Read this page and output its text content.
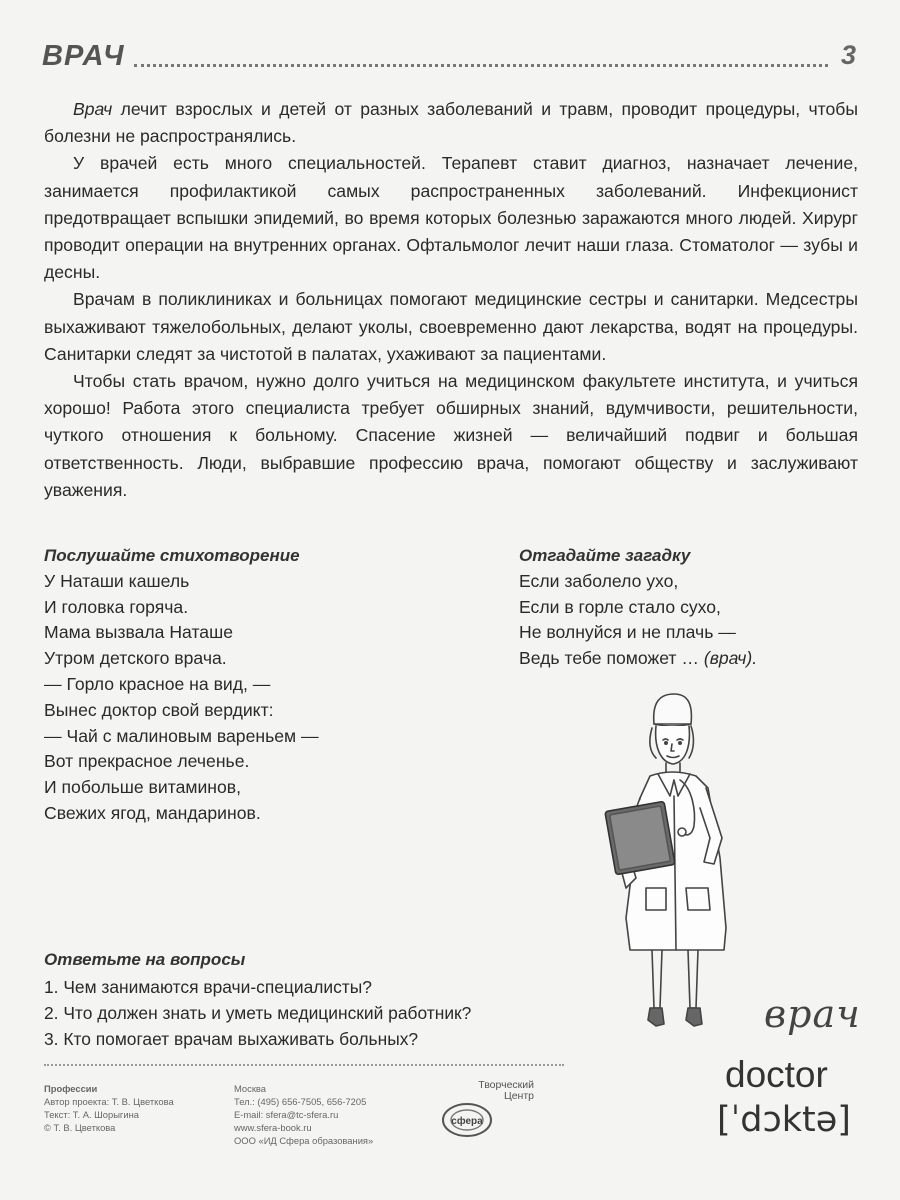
ВРАЧ	3

Врач лечит взрослых и детей от разных заболеваний и травм, проводит процедуры, чтобы болезни не распространялись.

У врачей есть много специальностей. Терапевт ставит диагноз, назначает лечение, занимается профилактикой самых распространенных заболеваний. Инфекционист предотвращает вспышки эпидемий, во время которых болезнью заражаются много людей. Хирург проводит операции на внутренних органах. Офтальмолог лечит наши глаза. Стоматолог — зубы и десны.

Врачам в поликлиниках и больницах помогают медицинские сестры и санитарки. Медсестры выхаживают тяжелобольных, делают уколы, своевременно дают лекарства, водят на процедуры. Санитарки следят за чистотой в палатах, ухаживают за пациентами.

Чтобы стать врачом, нужно долго учиться на медицинском факультете института, и учиться хорошо! Работа этого специалиста требует обширных знаний, вдумчивости, решительности, чуткого отношения к больному. Спасение жизней — величайший подвиг и большая ответственность. Люди, выбравшие профессию врача, помогают обществу и заслуживают уважения.

Послушайте стихотворение
У Наташи кашель
И головка горяча.
Мама вызвала Наташе
Утром детского врача.
— Горло красное на вид, —
Вынес доктор свой вердикт:
— Чай с малиновым вареньем —
Вот прекрасное леченье.
И побольше витаминов,
Свежих ягод, мандаринов.
Отгадайте загадку
Если заболело ухо,
Если в горле стало сухо,
Не волнуйся и не плачь —
Ведь тебе поможет … (врач).
Ответьте на вопросы
1. Чем занимаются врачи-специалисты?
2. Что должен знать и уметь медицинский работник?
3. Кто помогает врачам выхаживать больных?
врач
doctor
[ˈdɔktə]
Профессии
Автор проекта: Т. В. Цветкова
Текст: Т. А. Шорыгина
© Т. В. Цветкова
Москва
Тел.: (495) 656-7505, 656-7205
E-mail: sfera@tc-sfera.ru
www.sfera-book.ru
ООО «ИД Сфера образования»
Творческий
Центр
сфера
